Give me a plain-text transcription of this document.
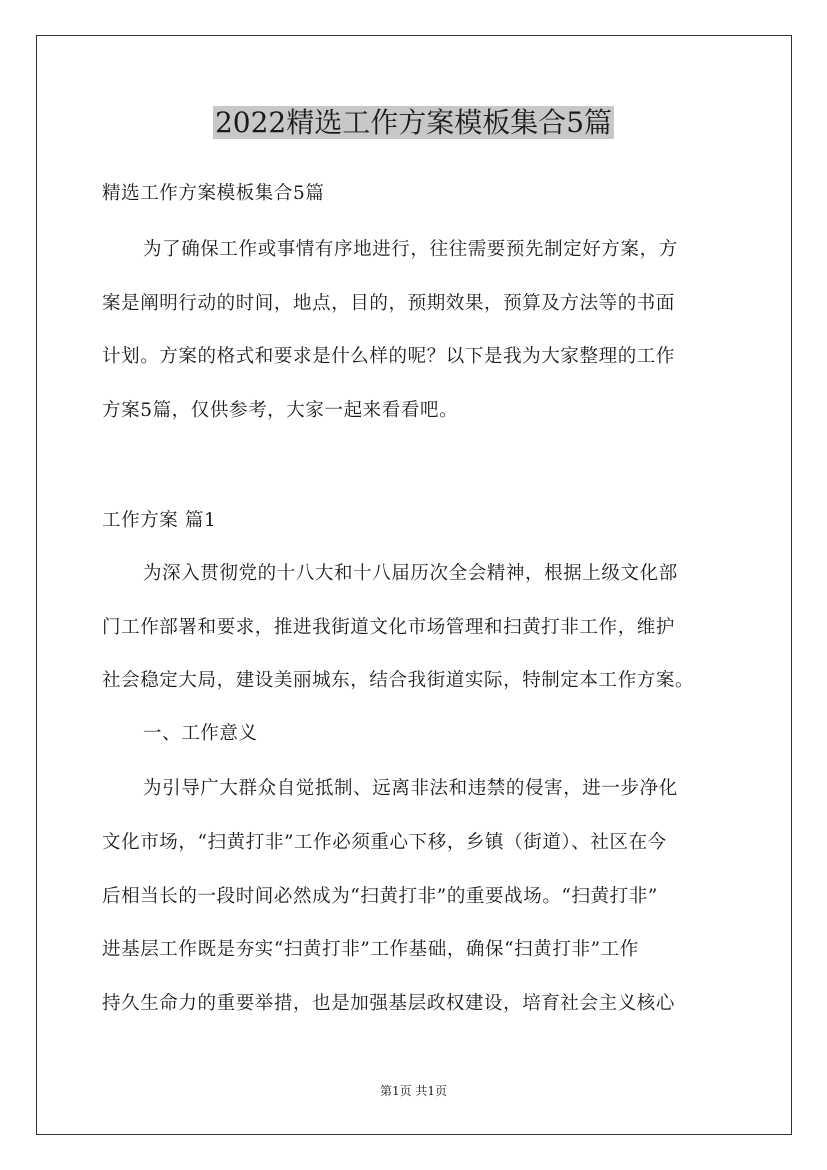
2022精选工作方案模板集合5篇
精选工作方案模板集合5篇
为了确保工作或事情有序地进行，往往需要预先制定好方案，方
案是阐明行动的时间，地点，目的，预期效果，预算及方法等的书面
计划。方案的格式和要求是什么样的呢？以下是我为大家整理的工作
方案5篇，仅供参考，大家一起来看看吧。
工作方案 篇1
为深入贯彻党的十八大和十八届历次全会精神，根据上级文化部
门工作部署和要求，推进我街道文化市场管理和扫黄打非工作，维护
社会稳定大局，建设美丽城东，结合我街道实际，特制定本工作方案。
一、工作意义
为引导广大群众自觉抵制、远离非法和违禁的侵害，进一步净化
文化市场，“扫黄打非”工作必须重心下移，乡镇（街道）、社区在今
后相当长的一段时间必然成为“扫黄打非”的重要战场。“扫黄打非”
进基层工作既是夯实“扫黄打非”工作基础，确保“扫黄打非”工作
持久生命力的重要举措，也是加强基层政权建设，培育社会主义核心
第1页 共1页
